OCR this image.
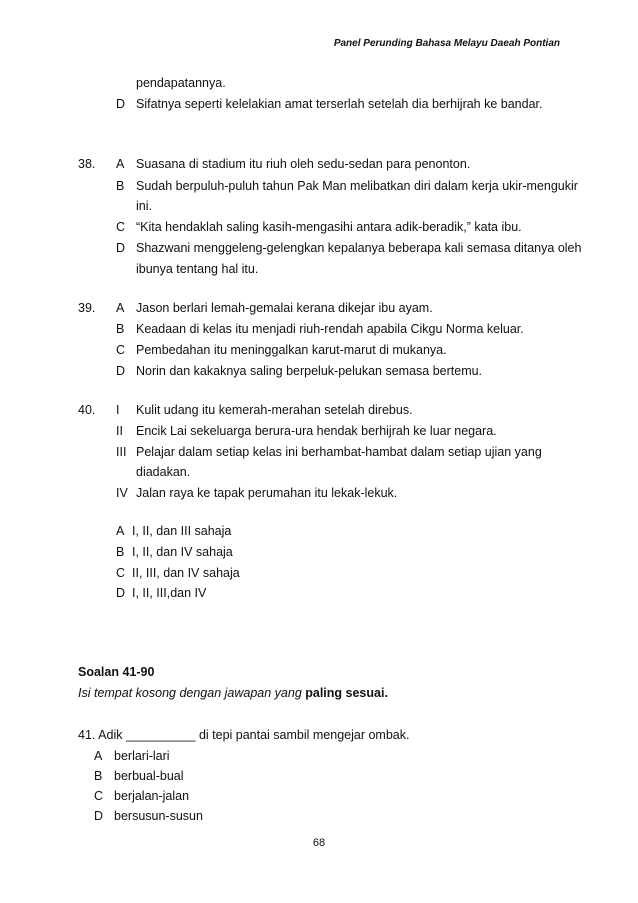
Panel Perunding Bahasa Melayu Daeah Pontian
pendapatannya.
D Sifatnya seperti kelelakian amat terserlah setelah dia berhijrah ke bandar.
38. A Suasana di stadium itu riuh oleh sedu-sedan para penonton.
B Sudah berpuluh-puluh tahun Pak Man melibatkan diri dalam kerja ukir-mengukir
ini.
C “Kita hendaklah saling kasih-mengasihi antara adik-beradik,” kata ibu.
D Shazwani menggeleng-gelengkan kepalanya beberapa kali semasa ditanya oleh
ibunya tentang hal itu.
39. A Jason berlari lemah-gemalai kerana dikejar ibu ayam.
B Keadaan di kelas itu menjadi riuh-rendah apabila Cikgu Norma keluar.
C Pembedahan itu meninggalkan karut-marut di mukanya.
D Norin dan kakaknya saling berpeluk-pelukan semasa bertemu.
40. I Kulit udang itu kemerah-merahan setelah direbus.
II Encik Lai sekeluarga berura-ura hendak berhijrah ke luar negara.
III Pelajar dalam setiap kelas ini berhambat-hambat dalam setiap ujian yang
diadakan.
IV Jalan raya ke tapak perumahan itu lekak-lekuk.
A I, II, dan III sahaja
B I, II, dan IV sahaja
C II, III, dan IV sahaja
D I, II, III,dan IV
Soalan 41-90
Isi tempat kosong dengan jawapan yang paling sesuai.
41. Adik __________ di tepi pantai sambil mengejar ombak.
A berlari-lari
B berbual-bual
C berjalan-jalan
D bersusun-susun
68
